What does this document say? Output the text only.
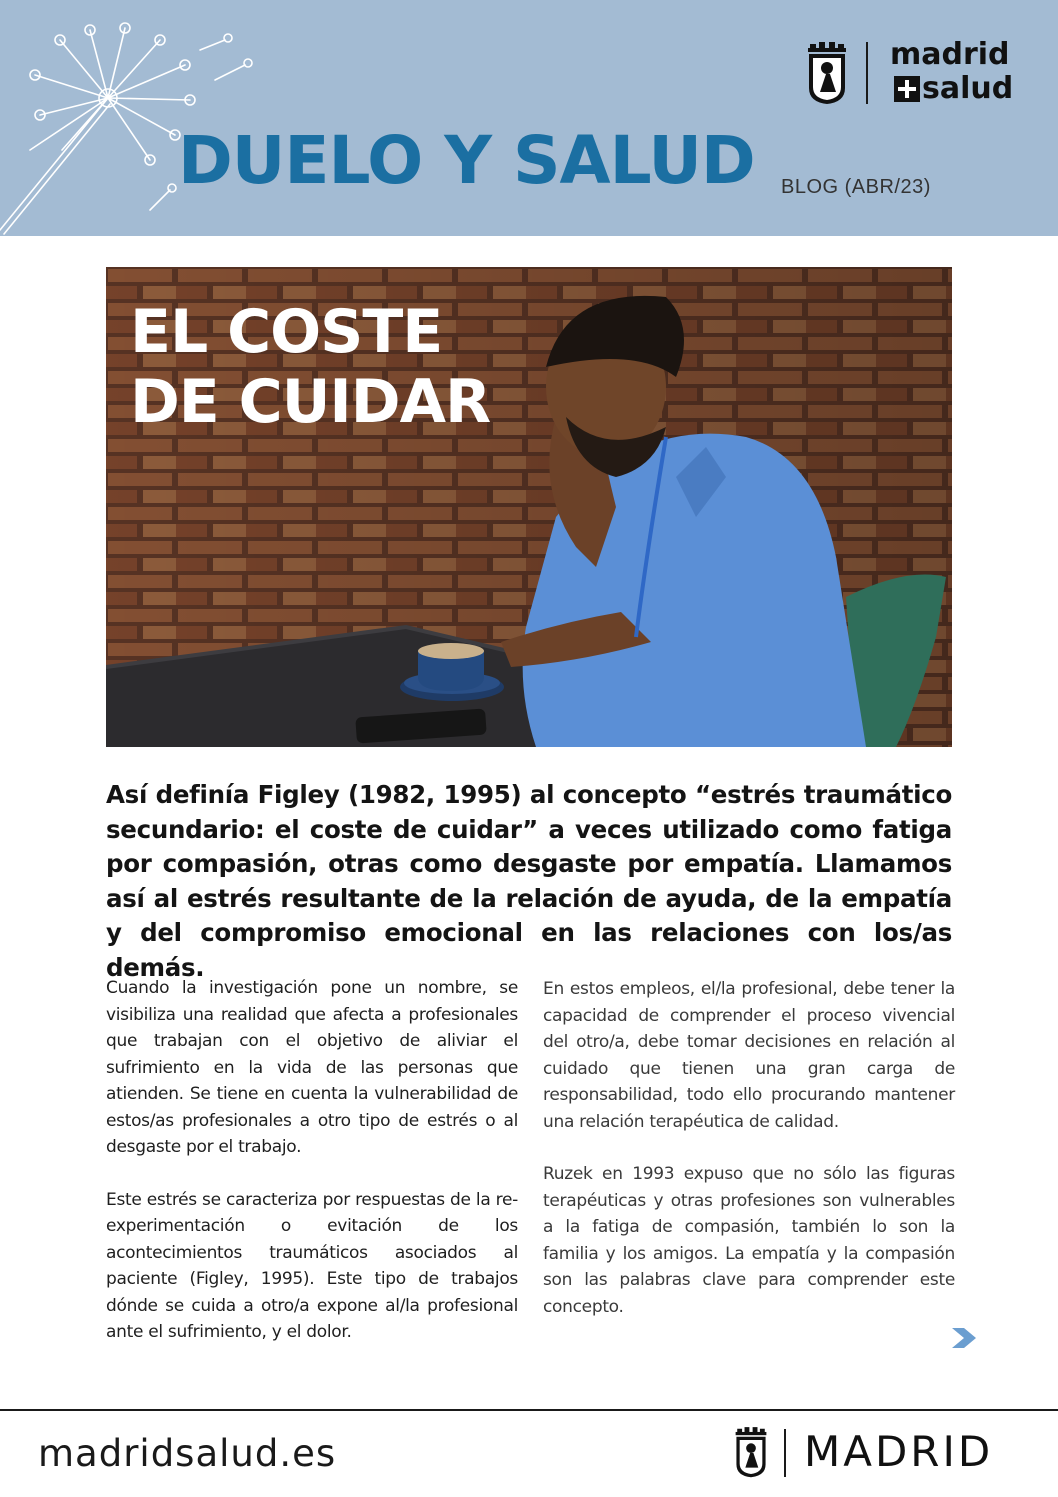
madrid
salud
DUELO Y SALUD BLOG (ABR/23)
EL COSTE
DE CUIDAR
Así definía Figley (1982, 1995) al concepto “estrés traumático secundario: el coste de cuidar” a veces utilizado como fatiga por compasión, otras como desgaste por empatía. Llamamos así al estrés resultante de la relación de ayuda, de la empatía y del compromiso emocional en las relaciones con los/as demás.

Cuando la investigación pone un nombre, se visibiliza una realidad que afecta a profesionales que trabajan con el objetivo de aliviar el sufrimiento en la vida de las personas que atienden. Se tiene en cuenta la vulnerabilidad de estos/as profesionales a otro tipo de estrés o al desgaste por el trabajo.

Este estrés se caracteriza por respuestas de la re-experimentación o evitación de los acontecimientos traumáticos asociados al paciente (Figley, 1995). Este tipo de trabajos dónde se cuida a otro/a expone al/la profesional ante el sufrimiento, y el dolor.

En estos empleos, el/la profesional, debe tener la capacidad de comprender el proceso vivencial del otro/a, debe tomar decisiones en relación al cuidado que tienen una gran carga de responsabilidad, todo ello procurando mantener una relación terapéutica de calidad.

Ruzek en 1993 expuso que no sólo las figuras terapéuticas y otras profesiones son vulnerables a la fatiga de compasión, también lo son la familia y los amigos. La empatía y la compasión son las palabras clave para comprender este concepto.

madridsalud.es	MADRID
